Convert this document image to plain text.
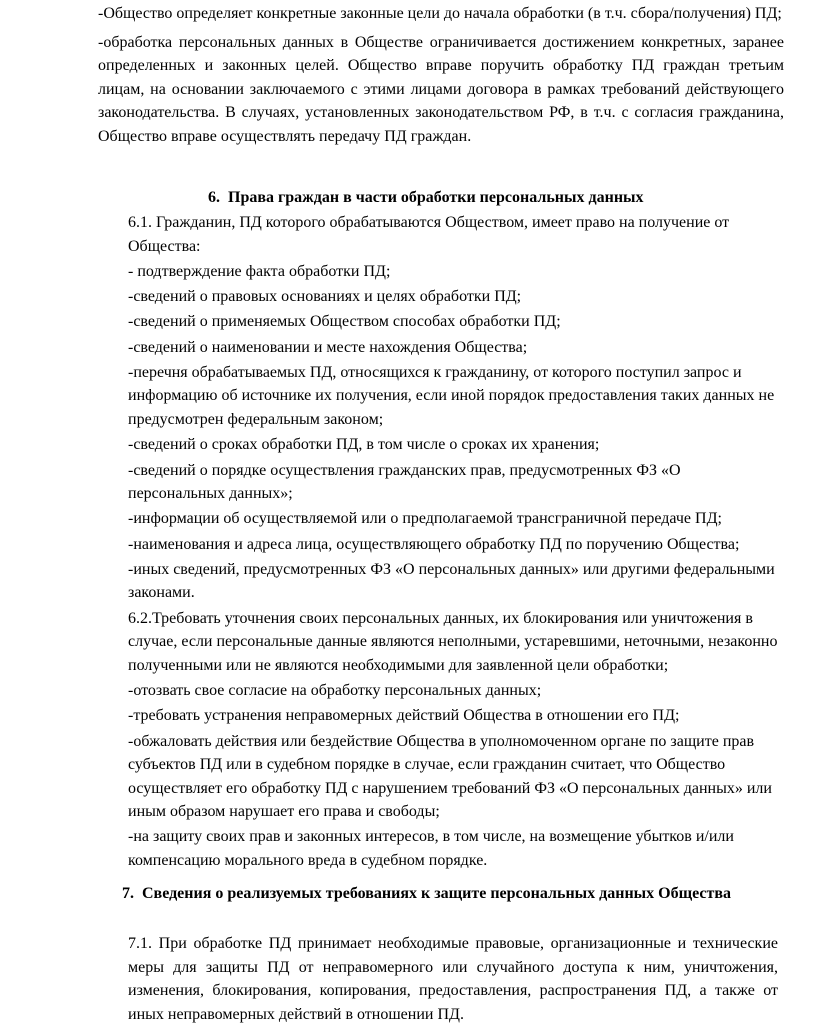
-Общество определяет конкретные законные цели до начала обработки (в т.ч. сбора/получения) ПД;

-обработка персональных данных в Обществе ограничивается достижением конкретных, заранее определенных и законных целей. Общество вправе поручить обработку ПД граждан третьим лицам, на основании заключаемого с этими лицами договора в рамках требований действующего законодательства. В случаях, установленных законодательством РФ, в т.ч. с согласия гражданина, Общество вправе осуществлять передачу ПД граждан.

6.  Права граждан в части обработки персональных данных

6.1. Гражданин, ПД которого обрабатываются Обществом, имеет право на получение от Общества:

- подтверждение факта обработки ПД;

-сведений о правовых основаниях и целях обработки ПД;

-сведений о применяемых Обществом способах обработки ПД;

-сведений о наименовании и месте нахождения Общества;

-перечня обрабатываемых ПД, относящихся к гражданину, от которого поступил запрос и информацию об источнике их получения, если иной порядок предоставления таких данных не предусмотрен федеральным законом;

-сведений о сроках обработки ПД, в том числе о сроках их хранения;

-сведений о порядке осуществления гражданских прав, предусмотренных ФЗ «О персональных данных»;

-информации об осуществляемой или о предполагаемой трансграничной передаче ПД;

-наименования и адреса лица, осуществляющего обработку ПД по поручению Общества;

-иных сведений, предусмотренных ФЗ «О персональных данных» или другими федеральными законами.

6.2.Требовать уточнения своих персональных данных, их блокирования или уничтожения в случае, если персональные данные являются неполными, устаревшими, неточными, незаконно полученными или не являются необходимыми для заявленной цели обработки;

-отозвать свое согласие на обработку персональных данных;

-требовать устранения неправомерных действий Общества в отношении его ПД;

-обжаловать действия или бездействие Общества в уполномоченном органе по защите прав субъектов ПД или в судебном порядке в случае, если гражданин считает, что Общество осуществляет его обработку ПД с нарушением требований ФЗ «О персональных данных» или иным образом нарушает его права и свободы;

-на защиту своих прав и законных интересов, в том числе, на возмещение убытков и/или компенсацию морального вреда в судебном порядке.

7.  Сведения о реализуемых требованиях к защите персональных данных Общества

7.1. При обработке ПД принимает необходимые правовые, организационные и технические меры для защиты ПД от неправомерного или случайного доступа к ним, уничтожения, изменения, блокирования, копирования, предоставления, распространения ПД, а также от иных неправомерных действий в отношении ПД.
